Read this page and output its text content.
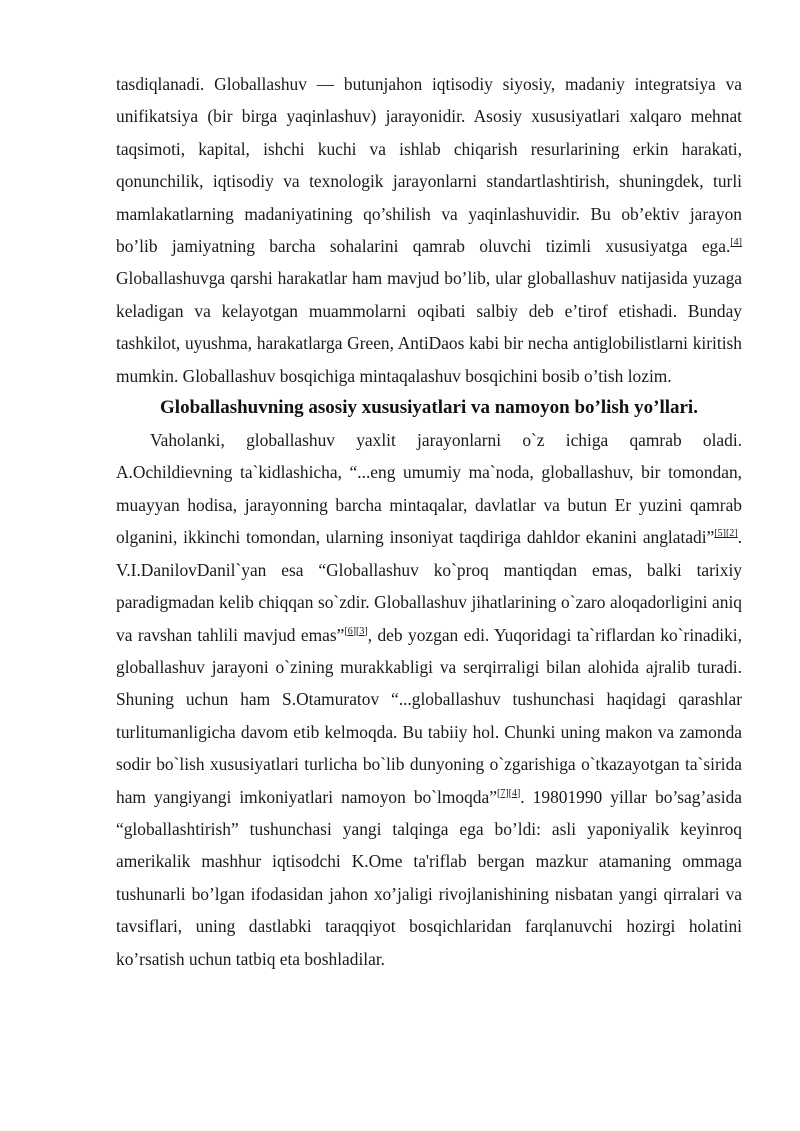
tasdiqlanadi. Globallashuv — butunjahon iqtisodiy siyosiy, madaniy integratsiya va unifikatsiya (bir birga yaqinlashuv) jarayonidir. Asosiy xususiyatlari xalqaro mehnat taqsimoti, kapital, ishchi kuchi va ishlab chiqarish resurlarining erkin harakati, qonunchilik, iqtisodiy va texnologik jarayonlarni standartlashtirish, shuningdek, turli mamlakatlarning madaniyatining qo’shilish va yaqinlashuvidir. Bu ob’ektiv jarayon bo’lib jamiyatning barcha sohalarini qamrab oluvchi tizimli xususiyatga ega.[4] Globallashuvga qarshi harakatlar ham mavjud bo’lib, ular globallashuv natijasida yuzaga keladigan va kelayotgan muammolarni oqibati salbiy deb e’tirof etishadi. Bunday tashkilot, uyushma, harakatlarga Green, AntiDaos kabi bir necha antiglobilistlarni kiritish mumkin. Globallashuv bosqichiga mintaqalashuv bosqichini bosib o’tish lozim.

Globallashuvning asosiy xususiyatlari va namoyon bo’lish yo’llari.

Vaholanki, globallashuv yaxlit jarayonlarni o`z ichiga qamrab oladi. A.Ochildievning ta`kidlashicha, “...eng umumiy ma`noda, globallashuv, bir tomondan, muayyan hodisa, jarayonning barcha mintaqalar, davlatlar va butun Er yuzini qamrab olganini, ikkinchi tomondan, ularning insoniyat taqdiriga dahldor ekanini anglatadi”[5][2]. V.I.DanilovDanil`yan esa “Globallashuv ko`proq mantiqdan emas, balki tarixiy paradigmadan kelib chiqqan so`zdir. Globallashuv jihatlarining o`zaro aloqadorligini aniq va ravshan tahlili mavjud emas”[6][3], deb yozgan edi. Yuqoridagi ta`riflardan ko`rinadiki, globallashuv jarayoni o`zining murakkabligi va serqirraligi bilan alohida ajralib turadi. Shuning uchun ham S.Otamuratov “...globallashuv tushunchasi haqidagi qarashlar turlitumanligicha davom etib kelmoqda. Bu tabiiy hol. Chunki uning makon va zamonda sodir bo`lish xususiyatlari turlicha bo`lib dunyoning o`zgarishiga o`tkazayotgan ta`sirida ham yangiyangi imkoniyatlari namoyon bo`lmoqda”[7][4]. 19801990 yillar bo’sag’asida “globallashtirish” tushunchasi yangi talqinga ega bo’ldi: asli yaponiyalik keyinroq amerikalik mashhur iqtisodchi K.Ome ta'riflab bergan mazkur atamaning ommaga tushunarli bo’lgan ifodasidan jahon xo’jaligi rivojlanishining nisbatan yangi qirralari va tavsiflari, uning dastlabki taraqqiyot bosqichlaridan farqlanuvchi hozirgi holatini ko’rsatish uchun tatbiq eta boshladilar.
